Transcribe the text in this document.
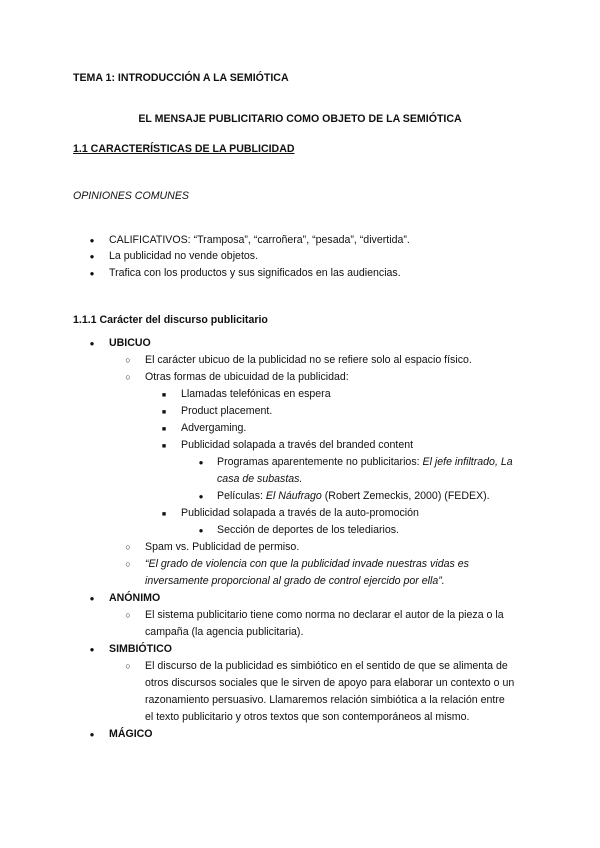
TEMA 1: INTRODUCCIÓN A LA SEMIÓTICA
EL MENSAJE PUBLICITARIO COMO OBJETO DE LA SEMIÓTICA
1.1 CARACTERÍSTICAS DE LA PUBLICIDAD
OPINIONES COMUNES
●
CALIFICATIVOS: “Tramposa”, “carroñera”, “pesada”, “divertida”.
●
La publicidad no vende objetos.
●
Trafica con los productos y sus significados en las audiencias.
1.1.1 Carácter del discurso publicitario
●
UBICUO
○
El carácter ubicuo de la publicidad no se refiere solo al espacio físico.
○
Otras formas de ubicuidad de la publicidad:
■
Llamadas telefónicas en espera
■
Product placement.
■
Advergaming.
■
Publicidad solapada a través del branded content
●
Programas aparentemente no publicitarios: El jefe infiltrado, La
casa de subastas.
●
Películas: El Náufrago (Robert Zemeckis, 2000) (FEDEX).
■
Publicidad solapada a través de la auto-promoción
●
Sección de deportes de los telediarios.
○
Spam vs. Publicidad de permiso.
○
“El grado de violencia con que la publicidad invade nuestras vidas es
inversamente proporcional al grado de control ejercido por ella”.
●
ANÓNIMO
○
El sistema publicitario tiene como norma no declarar el autor de la pieza o la
campaña (la agencia publicitaria).
●
SIMBIÓTICO
○
El discurso de la publicidad es simbiótico en el sentido de que se alimenta de
otros discursos sociales que le sirven de apoyo para elaborar un contexto o un
razonamiento persuasivo. Llamaremos relación simbiótica a la relación entre
el texto publicitario y otros textos que son contemporáneos al mismo.
●
MÁGICO
